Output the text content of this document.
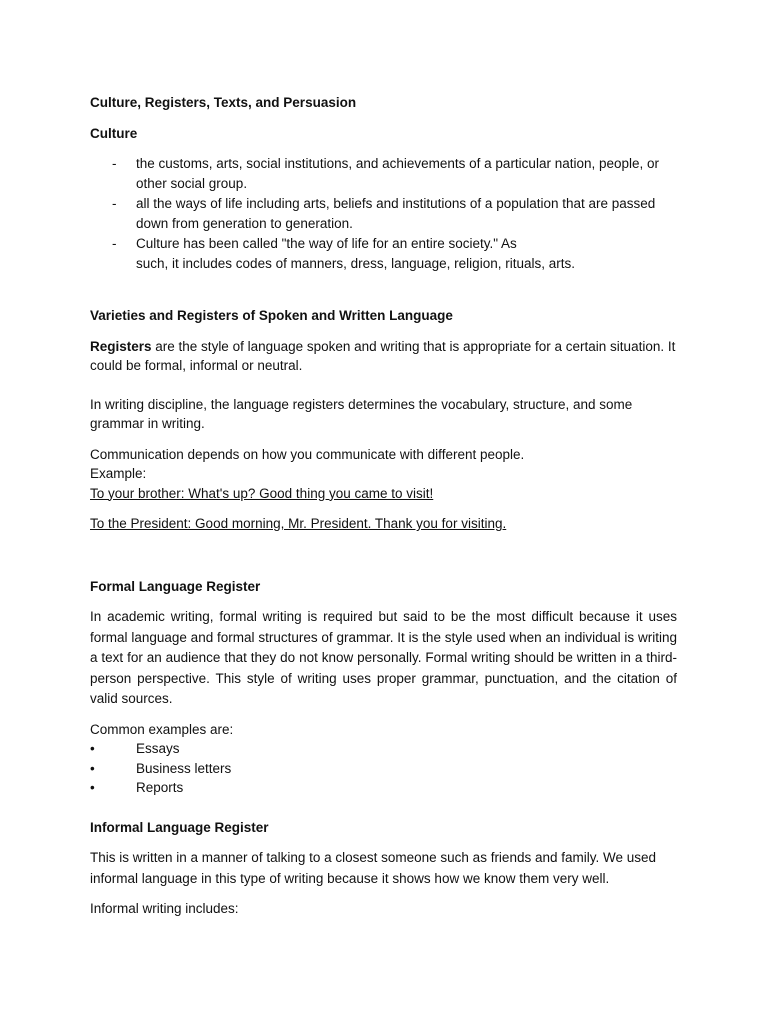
Culture, Registers, Texts, and Persuasion

Culture

- the customs, arts, social institutions, and achievements of a particular nation, people, or other social group.
- all the ways of life including arts, beliefs and institutions of a population that are passed down from generation to generation.
- Culture has been called "the way of life for an entire society." As
such, it includes codes of manners, dress, language, religion, rituals, arts.

Varieties and Registers of Spoken and Written Language

Registers are the style of language spoken and writing that is appropriate for a certain situation. It could be formal, informal or neutral.

In writing discipline, the language registers determines the vocabulary, structure, and some grammar in writing.

Communication depends on how you communicate with different people.

Example:

To your brother: What's up? Good thing you came to visit!

To the President: Good morning, Mr. President. Thank you for visiting.

Formal Language Register

In academic writing, formal writing is required but said to be the most difficult because it uses formal language and formal structures of grammar. It is the style used when an individual is writing a text for an audience that they do not know personally. Formal writing should be written in a third-person perspective. This style of writing uses proper grammar, punctuation, and the citation of valid sources.

Common examples are:

•	Essays
•	Business letters
•	Reports

Informal Language Register

This is written in a manner of talking to a closest someone such as friends and family. We used informal language in this type of writing because it shows how we know them very well.

Informal writing includes:
